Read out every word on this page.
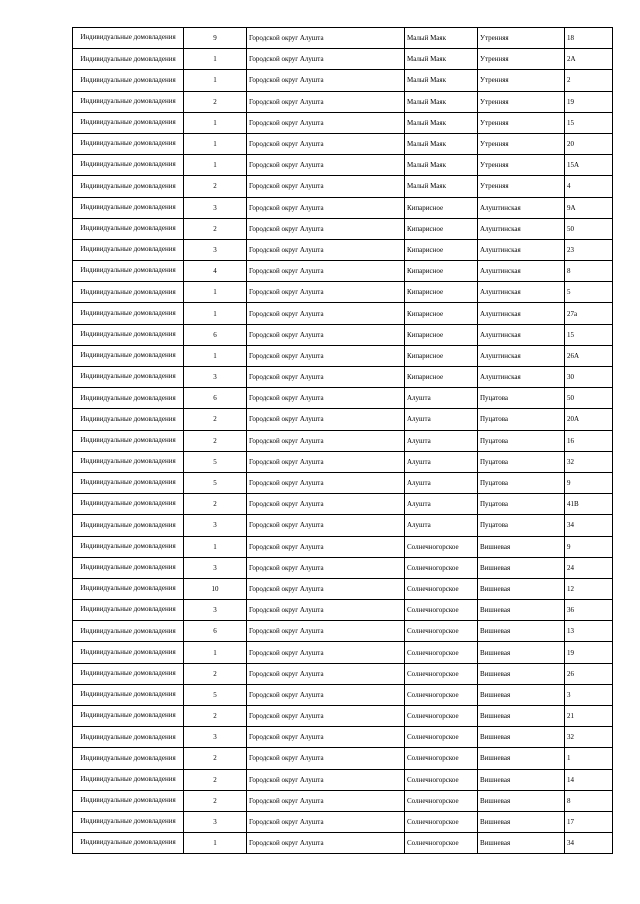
Индивидуальные домовладения	9	Городской округ Алушта	Малый Маяк	Утренняя	18
Индивидуальные домовладения	1	Городской округ Алушта	Малый Маяк	Утренняя	2А
Индивидуальные домовладения	1	Городской округ Алушта	Малый Маяк	Утренняя	2
Индивидуальные домовладения	2	Городской округ Алушта	Малый Маяк	Утренняя	19
Индивидуальные домовладения	1	Городской округ Алушта	Малый Маяк	Утренняя	15
Индивидуальные домовладения	1	Городской округ Алушта	Малый Маяк	Утренняя	20
Индивидуальные домовладения	1	Городской округ Алушта	Малый Маяк	Утренняя	15А
Индивидуальные домовладения	2	Городской округ Алушта	Малый Маяк	Утренняя	4
Индивидуальные домовладения	3	Городской округ Алушта	Кипарисное	Алуштинская	9А
Индивидуальные домовладения	2	Городской округ Алушта	Кипарисное	Алуштинская	50
Индивидуальные домовладения	3	Городской округ Алушта	Кипарисное	Алуштинская	23
Индивидуальные домовладения	4	Городской округ Алушта	Кипарисное	Алуштинская	8
Индивидуальные домовладения	1	Городской округ Алушта	Кипарисное	Алуштинская	5
Индивидуальные домовладения	1	Городской округ Алушта	Кипарисное	Алуштинская	27а
Индивидуальные домовладения	6	Городской округ Алушта	Кипарисное	Алуштинская	15
Индивидуальные домовладения	1	Городской округ Алушта	Кипарисное	Алуштинская	26А
Индивидуальные домовладения	3	Городской округ Алушта	Кипарисное	Алуштинская	30
Индивидуальные домовладения	6	Городской округ Алушта	Алушта	Пуцатова	50
Индивидуальные домовладения	2	Городской округ Алушта	Алушта	Пуцатова	20А
Индивидуальные домовладения	2	Городской округ Алушта	Алушта	Пуцатова	16
Индивидуальные домовладения	5	Городской округ Алушта	Алушта	Пуцатова	32
Индивидуальные домовладения	5	Городской округ Алушта	Алушта	Пуцатова	9
Индивидуальные домовладения	2	Городской округ Алушта	Алушта	Пуцатова	41В
Индивидуальные домовладения	3	Городской округ Алушта	Алушта	Пуцатова	34
Индивидуальные домовладения	1	Городской округ Алушта	Солнечногорское	Вишневая	9
Индивидуальные домовладения	3	Городской округ Алушта	Солнечногорское	Вишневая	24
Индивидуальные домовладения	10	Городской округ Алушта	Солнечногорское	Вишневая	12
Индивидуальные домовладения	3	Городской округ Алушта	Солнечногорское	Вишневая	36
Индивидуальные домовладения	6	Городской округ Алушта	Солнечногорское	Вишневая	13
Индивидуальные домовладения	1	Городской округ Алушта	Солнечногорское	Вишневая	19
Индивидуальные домовладения	2	Городской округ Алушта	Солнечногорское	Вишневая	26
Индивидуальные домовладения	5	Городской округ Алушта	Солнечногорское	Вишневая	3
Индивидуальные домовладения	2	Городской округ Алушта	Солнечногорское	Вишневая	21
Индивидуальные домовладения	3	Городской округ Алушта	Солнечногорское	Вишневая	32
Индивидуальные домовладения	2	Городской округ Алушта	Солнечногорское	Вишневая	1
Индивидуальные домовладения	2	Городской округ Алушта	Солнечногорское	Вишневая	14
Индивидуальные домовладения	2	Городской округ Алушта	Солнечногорское	Вишневая	8
Индивидуальные домовладения	3	Городской округ Алушта	Солнечногорское	Вишневая	17
Индивидуальные домовладения	1	Городской округ Алушта	Солнечногорское	Вишневая	34
